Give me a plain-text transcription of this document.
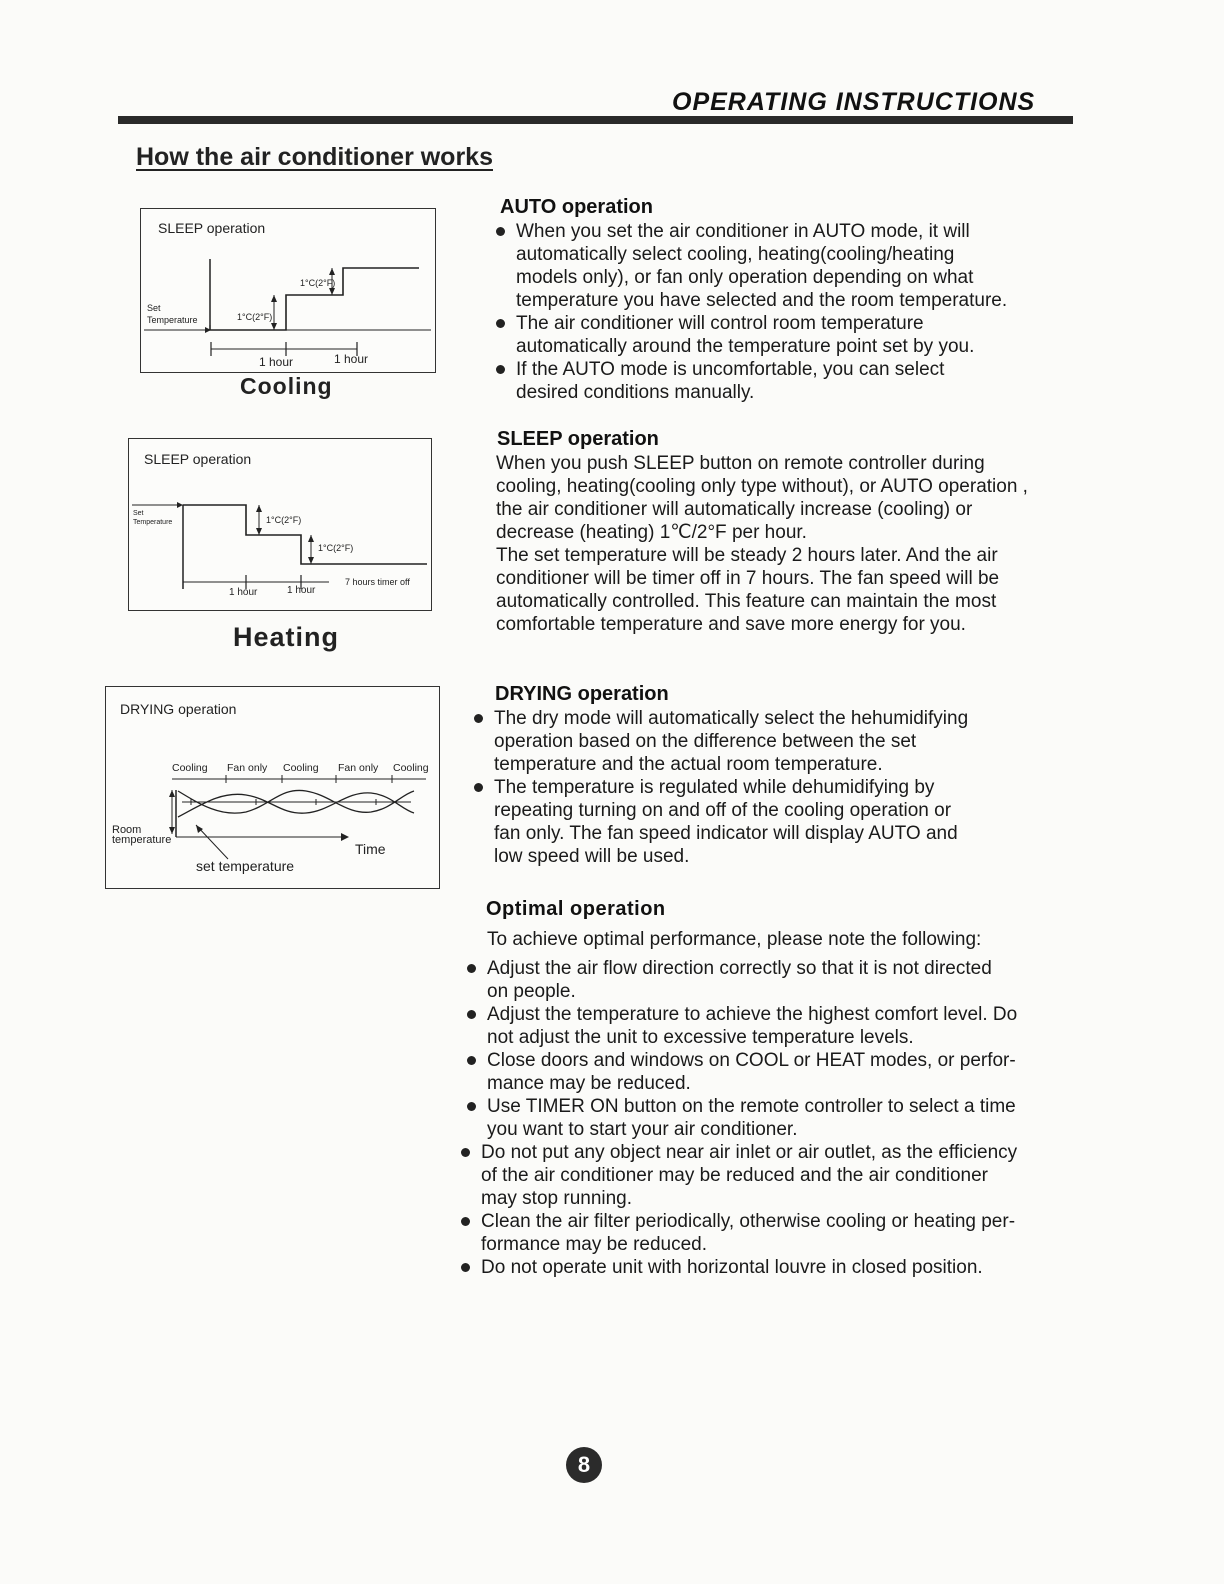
OPERATING INSTRUCTIONS
How the air conditioner works
SLEEP operation
Set
Temperature	1°C(2°F)
1°C(2°F)
1 hour	1 hour
Cooling
SLEEP operation
Set
Temperature	1°C(2°F)
1°C(2°F)
1 hour	1 hour
7 hours timer off
Heating
DRYING operation
Cooling Fan only Cooling Fan only Cooling
Room
temperature
Time
set temperature
AUTO operation
When you set the air conditioner in AUTO mode, it will
automatically select cooling, heating(cooling/heating
models only), or fan only operation depending on what
temperature you have selected and the room temperature.
The air conditioner will control room temperature
automatically around the temperature point set by you.
If the AUTO mode is uncomfortable, you can select
desired conditions manually.
SLEEP operation
When you push SLEEP button on remote controller during
cooling, heating(cooling only type without), or AUTO operation ,
the air conditioner will automatically increase (cooling) or
decrease (heating) 1℃/2°F per hour.
The set temperature will be steady 2 hours later. And the air
conditioner will be timer off in 7 hours. The fan speed will be
automatically controlled. This feature can maintain the most
comfortable temperature and save more energy for you.
DRYING operation
The dry mode will automatically select the hehumidifying
operation based on the difference between the set
temperature and the actual room temperature.
The temperature is regulated while dehumidifying by
repeating turning on and off of the cooling operation or
fan only. The fan speed indicator will display AUTO and
low speed will be used.
Optimal operation
To achieve optimal performance, please note the following:
Adjust the air flow direction correctly so that it is not directed
on people.
Adjust the temperature to achieve the highest comfort level. Do
not adjust the unit to excessive temperature levels.
Close doors and windows on COOL or HEAT modes, or perfor-
mance may be reduced.
Use TIMER ON button on the remote controller to select a time
you want to start your air conditioner.
Do not put any object near air inlet or air outlet, as the efficiency
of the air conditioner may be reduced and the air conditioner
may stop running.
Clean the air filter periodically, otherwise cooling or heating per-
formance may be reduced.
Do not operate unit with horizontal louvre in closed position.
8
